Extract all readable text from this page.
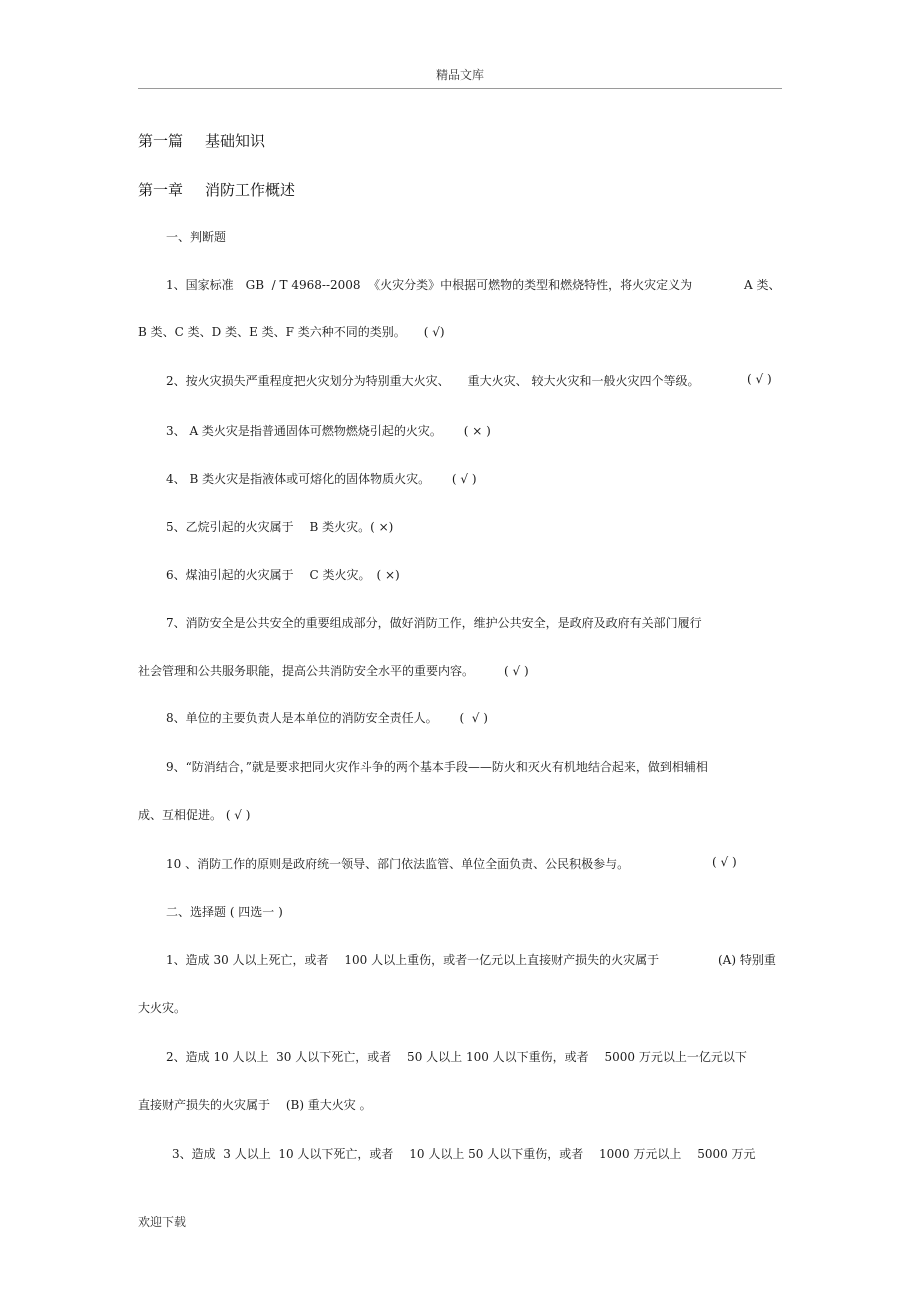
精品文库
第一篇 基础知识
第一章 消防工作概述
一、判断题
1、国家标准　GB  / T 4968--2008  《火灾分类》中根据可燃物的类型和燃烧特性，将火灾定义为	A 类、
B 类、C 类、D 类、E 类、F 类六种不同的类别。　　( √)
2、按火灾损失严重程度把火灾划分为特别重大火灾、　　重大火灾、 较大火灾和一般火灾四个等级。	( √ )
3、 A 类火灾是指普通固体可燃物燃烧引起的火灾。　　 ( × )
4、 B 类火灾是指液体或可熔化的固体物质火灾。　　 ( √ )
5、乙烷引起的火灾属于　 B 类火灾。( ×)
6、煤油引起的火灾属于　 C 类火灾。　( ×)
7、消防安全是公共安全的重要组成部分，做好消防工作，维护公共安全，是政府及政府有关部门履行
社会管理和公共服务职能，提高公共消防安全水平的重要内容。　　　( √ )
8、单位的主要负责人是本单位的消防安全责任人。　　 (  √ )
9、“防消结合，”就是要求把同火灾作斗争的两个基本手段——防火和灭火有机地结合起来，做到相辅相
成、互相促进。 ( √ )
10 、消防工作的原则是政府统一领导、部门依法监管、单位全面负责、公民积极参与。	( √ )
二、选择题 ( 四选一 )
1、造成 30 人以上死亡，或者　 100 人以上重伤，或者一亿元以上直接财产损失的火灾属于	(A) 特别重
大火灾。
2、造成 10 人以上  30 人以下死亡，或者　 50 人以上 100 人以下重伤，或者　 5000 万元以上一亿元以下
直接财产损失的火灾属于　 (B) 重大火灾 。
3、造成  3 人以上  10 人以下死亡，或者　 10 人以上 50 人以下重伤，或者　 1000 万元以上　 5000 万元
欢迎下载
